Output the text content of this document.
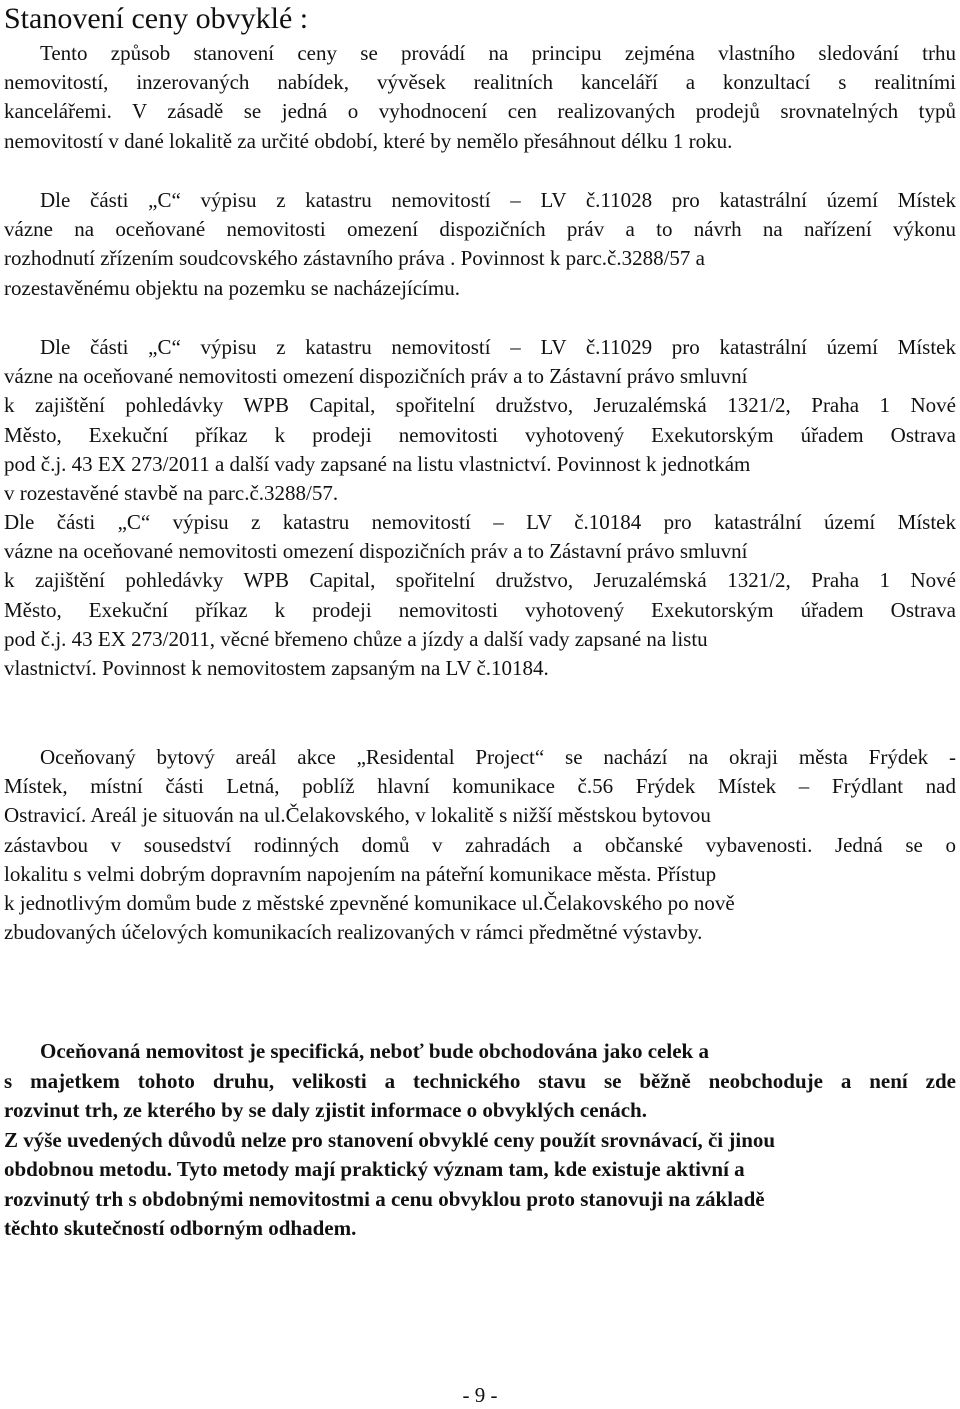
Stanovení ceny obvyklé :
Tento způsob stanovení ceny se provádí na principu zejména vlastního sledování trhu
nemovitostí, inzerovaných nabídek, vývěsek realitních kanceláří a konzultací s realitními
kancelářemi. V zásadě se jedná o vyhodnocení cen realizovaných prodejů srovnatelných typů
nemovitostí v dané lokalitě za určité období, které by nemělo přesáhnout délku 1 roku.
Dle části „C“ výpisu z katastru nemovitostí – LV č.11028 pro katastrální území Místek
vázne na oceňované nemovitosti omezení dispozičních práv a to návrh na nařízení výkonu
rozhodnutí zřízením soudcovského zástavního práva . Povinnost k parc.č.3288/57 a
rozestavěnému objektu na pozemku se nacházejícímu.
Dle části „C“ výpisu z katastru nemovitostí – LV č.11029 pro katastrální území Místek
vázne na oceňované nemovitosti omezení dispozičních práv a to Zástavní právo smluvní
k zajištění pohledávky WPB Capital, spořitelní družstvo, Jeruzalémská 1321/2, Praha 1 Nové
Město, Exekuční příkaz k prodeji nemovitosti vyhotovený Exekutorským úřadem Ostrava
pod č.j. 43 EX 273/2011 a další vady zapsané na listu vlastnictví. Povinnost k jednotkám
v rozestavěné stavbě na parc.č.3288/57.
Dle části „C“ výpisu z katastru nemovitostí – LV č.10184 pro katastrální území Místek
vázne na oceňované nemovitosti omezení dispozičních práv a to Zástavní právo smluvní
k zajištění pohledávky WPB Capital, spořitelní družstvo, Jeruzalémská 1321/2, Praha 1 Nové
Město, Exekuční příkaz k prodeji nemovitosti vyhotovený Exekutorským úřadem Ostrava
pod č.j. 43 EX 273/2011, věcné břemeno chůze a jízdy a další vady zapsané na listu
vlastnictví. Povinnost k nemovitostem zapsaným na LV č.10184.
Oceňovaný bytový areál akce „Residental Project“ se nachází na okraji města Frýdek -
Místek, místní části Letná, poblíž hlavní komunikace č.56 Frýdek Místek – Frýdlant nad
Ostravicí. Areál je situován na ul.Čelakovského, v lokalitě s nižší městskou bytovou
zástavbou v sousedství rodinných domů v zahradách a občanské vybavenosti. Jedná se o
lokalitu s velmi dobrým dopravním napojením na páteřní komunikace města. Přístup
k jednotlivým domům bude z městské zpevněné komunikace ul.Čelakovského po nově
zbudovaných účelových komunikacích realizovaných v rámci předmětné výstavby.
Oceňovaná nemovitost je specifická, neboť bude obchodována jako celek a
s majetkem tohoto druhu, velikosti a technického stavu se běžně neobchoduje a není zde
rozvinut trh, ze kterého by se daly zjistit informace o obvyklých cenách.
Z výše uvedených důvodů nelze pro stanovení obvyklé ceny použít srovnávací, či jinou
obdobnou metodu. Tyto metody mají praktický význam tam, kde existuje aktivní a
rozvinutý trh s obdobnými nemovitostmi a cenu obvyklou proto stanovuji na základě
těchto skutečností odborným odhadem.
- 9 -
